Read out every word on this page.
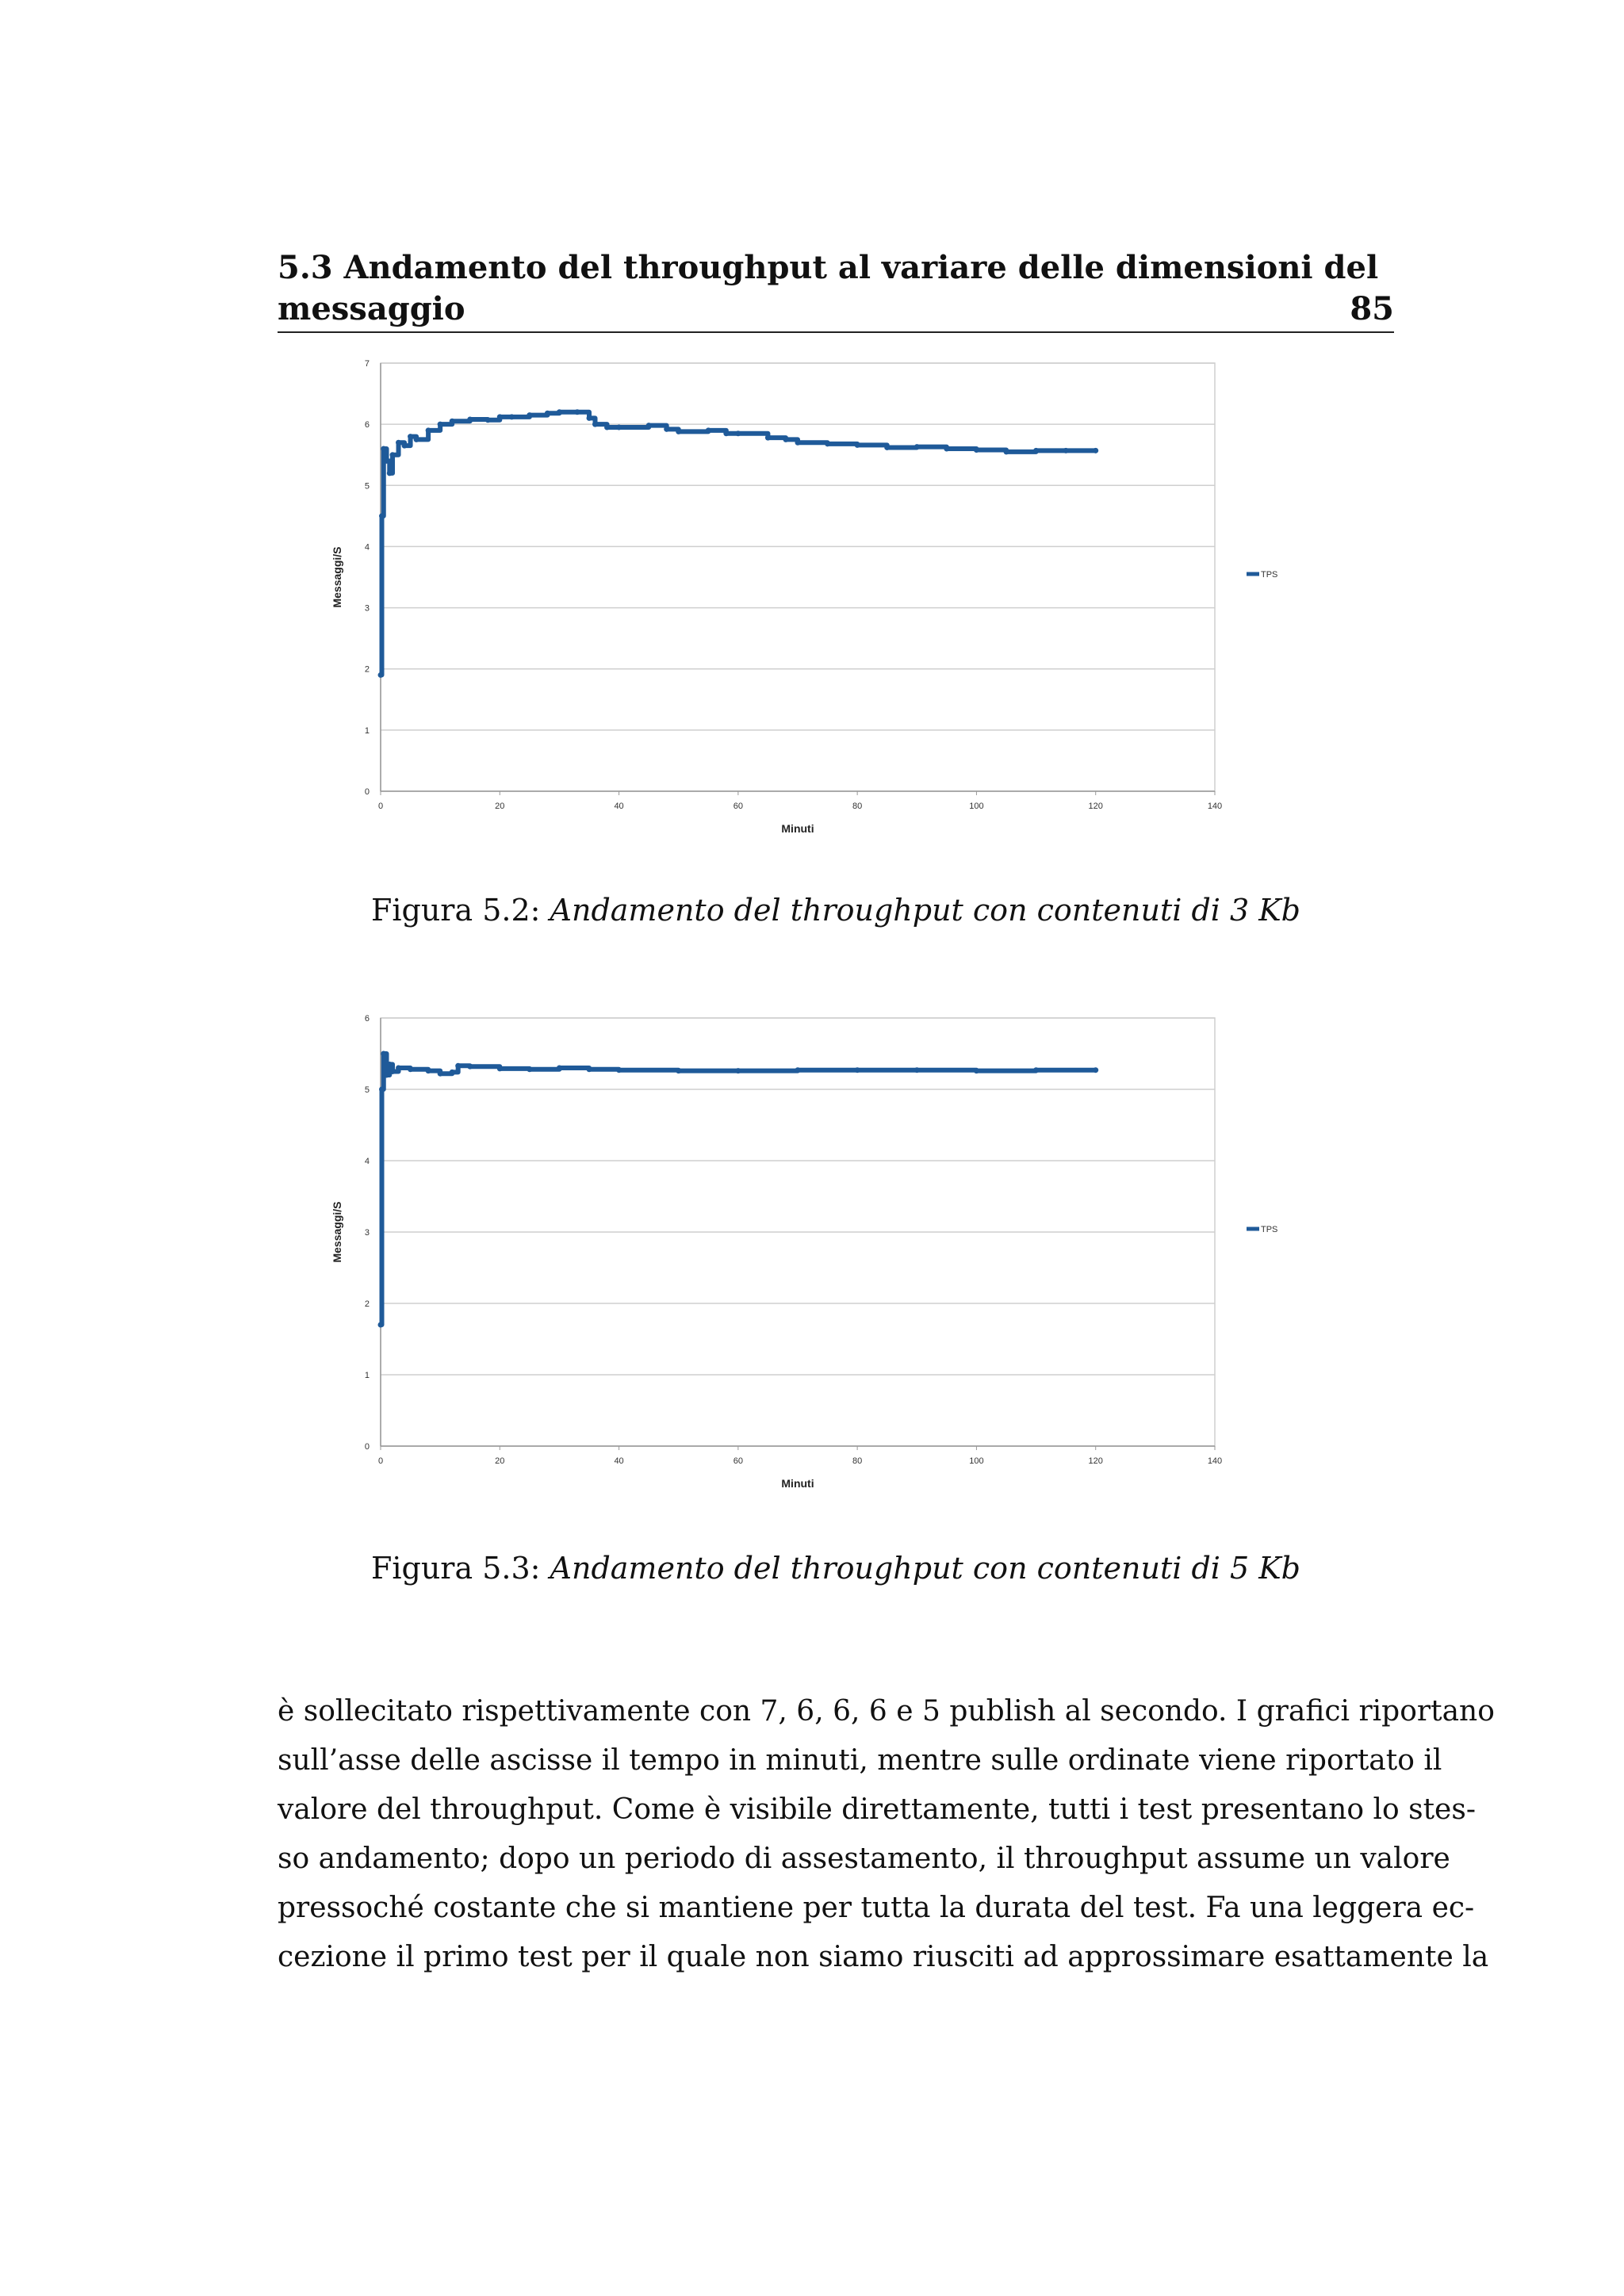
5.3 Andamento del throughput al variare delle dimensioni del
messaggio	85
0
1
2
3
4
5
6
7
0	20	40	60	80	100	120	140
Minuti
Messaggi/S	TPS
Figura 5.2: Andamento del throughput con contenuti di 3 Kb
0
1
2
3
4
5
6
0	20	40	60	80	100	120	140
Minuti
Messaggi/S	TPS
Figura 5.3: Andamento del throughput con contenuti di 5 Kb
è sollecitato rispettivamente con 7, 6, 6, 6 e 5 publish al secondo. I grafici riportano
sull’asse delle ascisse il tempo in minuti, mentre sulle ordinate viene riportato il
valore del throughput. Come è visibile direttamente, tutti i test presentano lo stes-
so andamento; dopo un periodo di assestamento, il throughput assume un valore
pressoché costante che si mantiene per tutta la durata del test. Fa una leggera ec-
cezione il primo test per il quale non siamo riusciti ad approssimare esattamente la
